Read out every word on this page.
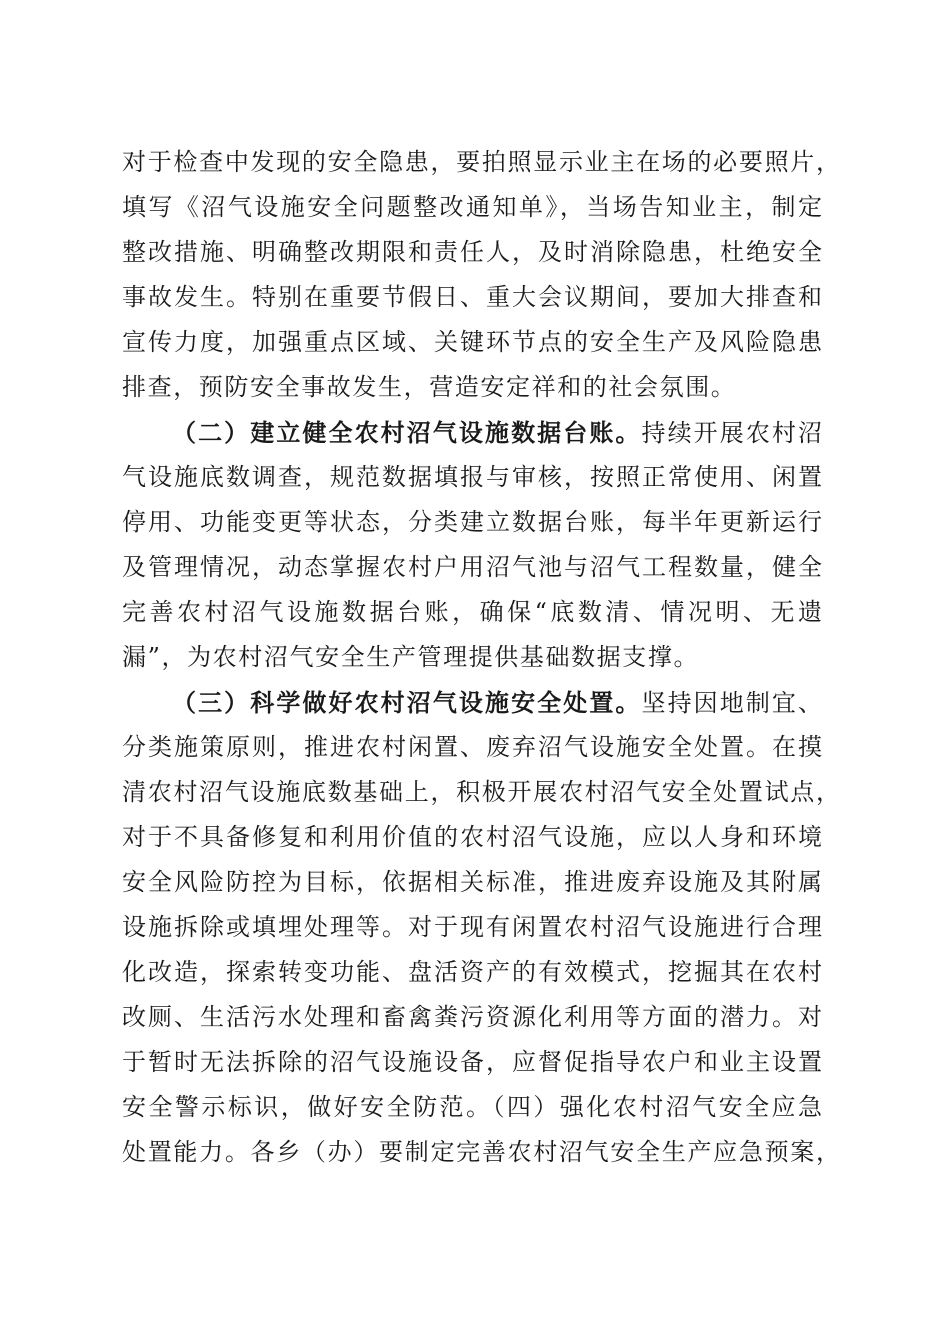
对于检查中发现的安全隐患，要拍照显示业主在场的必要照片，
填写《沼气设施安全问题整改通知单》，当场告知业主，制定
整改措施、明确整改期限和责任人，及时消除隐患，杜绝安全
事故发生。特别在重要节假日、重大会议期间，要加大排查和
宣传力度，加强重点区域、关键环节点的安全生产及风险隐患
排查，预防安全事故发生，营造安定祥和的社会氛围。
（二）建立健全农村沼气设施数据台账。持续开展农村沼
气设施底数调查，规范数据填报与审核，按照正常使用、闲置
停用、功能变更等状态，分类建立数据台账，每半年更新运行
及管理情况，动态掌握农村户用沼气池与沼气工程数量，健全
完善农村沼气设施数据台账，确保“底数清、情况明、无遗
漏”，为农村沼气安全生产管理提供基础数据支撑。
（三）科学做好农村沼气设施安全处置。坚持因地制宜、
分类施策原则，推进农村闲置、废弃沼气设施安全处置。在摸
清农村沼气设施底数基础上，积极开展农村沼气安全处置试点，
对于不具备修复和利用价值的农村沼气设施，应以人身和环境
安全风险防控为目标，依据相关标准，推进废弃设施及其附属
设施拆除或填埋处理等。对于现有闲置农村沼气设施进行合理
化改造，探索转变功能、盘活资产的有效模式，挖掘其在农村
改厕、生活污水处理和畜禽粪污资源化利用等方面的潜力。对
于暂时无法拆除的沼气设施设备，应督促指导农户和业主设置
安全警示标识，做好安全防范。（四）强化农村沼气安全应急
处置能力。各乡（办）要制定完善农村沼气安全生产应急预案，
